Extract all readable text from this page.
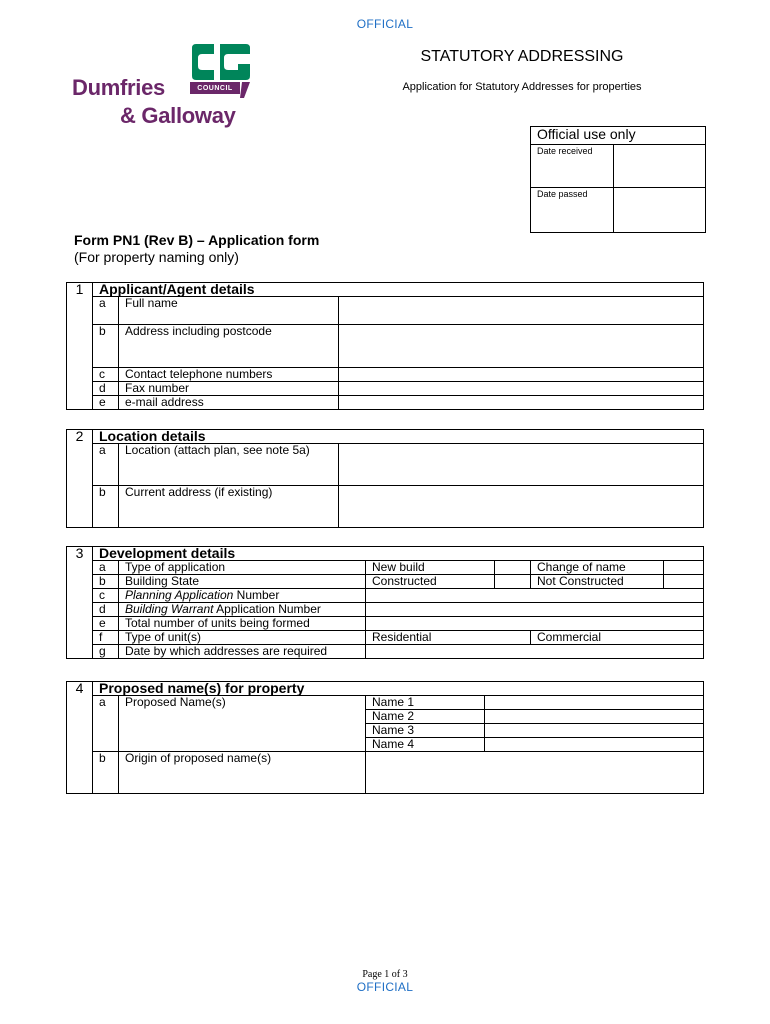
OFFICIAL
COUNCIL
Dumfries
& Galloway
STATUTORY ADDRESSING
Application for Statutory Addresses for properties
Official use only	
Date received	
Date passed	
Form PN1 (Rev B) – Application form
(For property naming only)
1	Applicant/Agent details		
	a	Full name	
	b	Address including postcode	
	c	Contact telephone numbers	
	d	Fax number	
	e	e-mail address	
2	Location details		
	a	Location (attach plan, see note 5a)	
	b	Current address (if existing)	
3	Development details					
	a	Type of application	New build		Change of name	
	b	Building State	Constructed		Not Constructed	
	c	Planning Application Number				
	d	Building Warrant Application Number				
	e	Total number of units being formed				
	f	Type of unit(s)	Residential		Commercial	
	g	Date by which addresses are required				
4	Proposed name(s) for property			
	a	Proposed Name(s)	Name 1	
			Name 2	
			Name 3	
			Name 4	
	b	Origin of proposed name(s)		
Page 1 of 3
OFFICIAL
